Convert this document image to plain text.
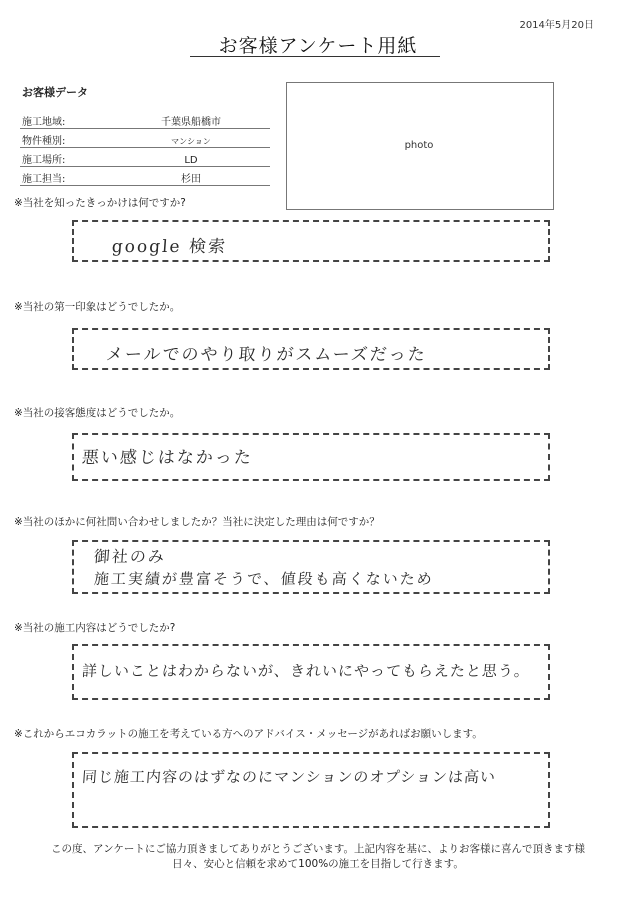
2014年5月20日
お客様アンケート用紙
お客様データ
施工地域:	千葉県船橋市
物件種別:	マンション
施工場所:	LD
施工担当:	杉田
photo
※当社を知ったきっかけは何ですか?
google 検索
※当社の第一印象はどうでしたか。
メールでのやり取りがスムーズだった
※当社の接客態度はどうでしたか。
悪い感じはなかった
※当社のほかに何社問い合わせしましたか？当社に決定した理由は何ですか？
御社のみ
施工実績が豊富そうで、値段も高くないため
※当社の施工内容はどうでしたか?
詳しいことはわからないが、きれいにやってもらえたと思う。
※これからエコカラットの施工を考えている方へのアドバイス・メッセージがあればお願いします。
同じ施工内容のはずなのにマンションのオプションは高い
この度、アンケートにご協力頂きましてありがとうございます。上記内容を基に、よりお客様に喜んで頂きます様
日々、安心と信頼を求めて100%の施工を目指して行きます。
